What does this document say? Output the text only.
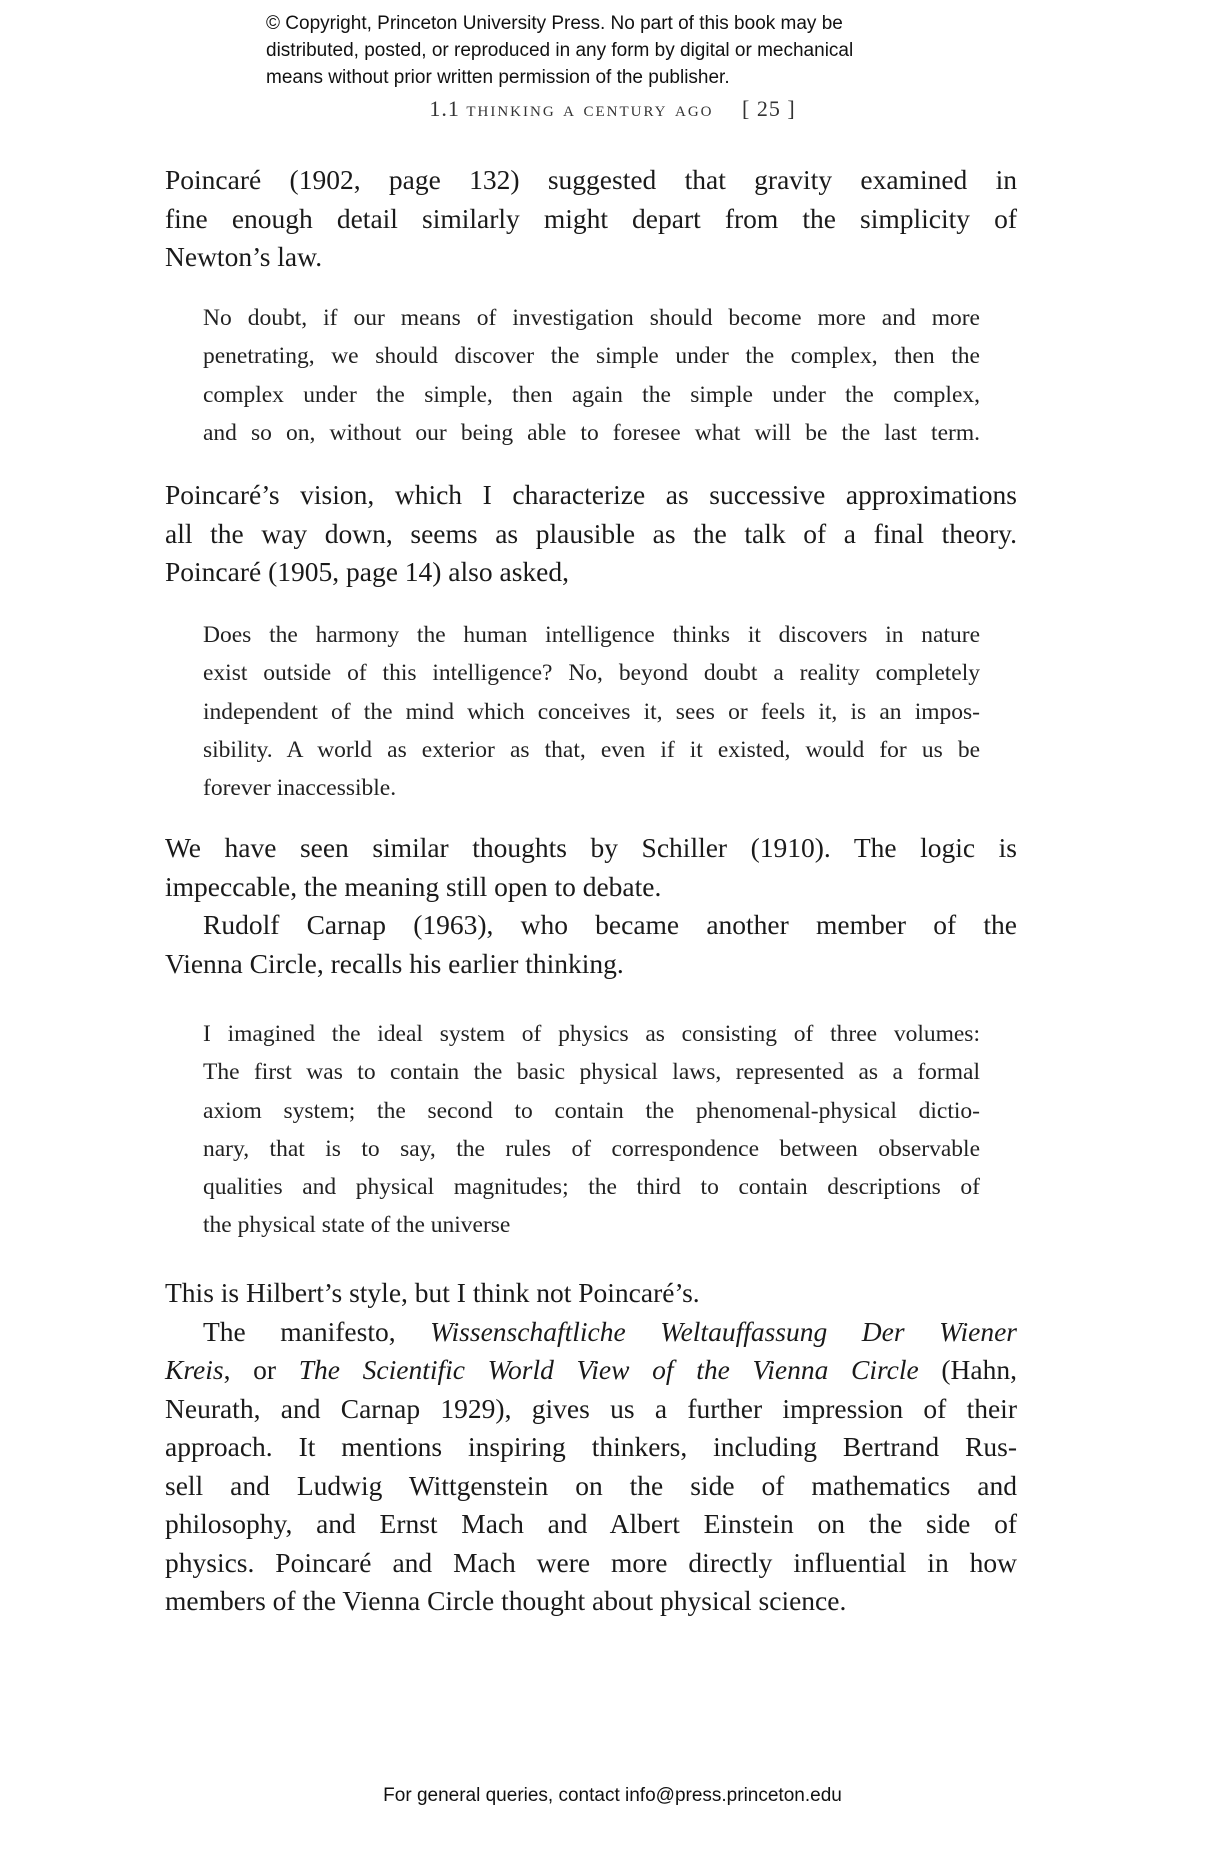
© Copyright, Princeton University Press. No part of this book may be
distributed, posted, or reproduced in any form by digital or mechanical
means without prior written permission of the publisher.
1.1 thinking a century ago [ 25 ]
Poincaré (1902, page 132) suggested that gravity examined in
fine enough detail similarly might depart from the simplicity of
Newton’s law.
No doubt, if our means of investigation should become more and more
penetrating, we should discover the simple under the complex, then the
complex under the simple, then again the simple under the complex,
and so on, without our being able to foresee what will be the last term.
Poincaré’s vision, which I characterize as successive approximations
all the way down, seems as plausible as the talk of a final theory.
Poincaré (1905, page 14) also asked,
Does the harmony the human intelligence thinks it discovers in nature
exist outside of this intelligence? No, beyond doubt a reality completely
independent of the mind which conceives it, sees or feels it, is an impos-
sibility. A world as exterior as that, even if it existed, would for us be
forever inaccessible.
We have seen similar thoughts by Schiller (1910). The logic is
impeccable, the meaning still open to debate.
Rudolf Carnap (1963), who became another member of the
Vienna Circle, recalls his earlier thinking.
I imagined the ideal system of physics as consisting of three volumes:
The first was to contain the basic physical laws, represented as a formal
axiom system; the second to contain the phenomenal-physical dictio-
nary, that is to say, the rules of correspondence between observable
qualities and physical magnitudes; the third to contain descriptions of
the physical state of the universe
This is Hilbert’s style, but I think not Poincaré’s.
The manifesto, Wissenschaftliche Weltauffassung Der Wiener
Kreis, or The Scientific World View of the Vienna Circle (Hahn,
Neurath, and Carnap 1929), gives us a further impression of their
approach. It mentions inspiring thinkers, including Bertrand Rus-
sell and Ludwig Wittgenstein on the side of mathematics and
philosophy, and Ernst Mach and Albert Einstein on the side of
physics. Poincaré and Mach were more directly influential in how
members of the Vienna Circle thought about physical science.
For general queries, contact info@press.princeton.edu
